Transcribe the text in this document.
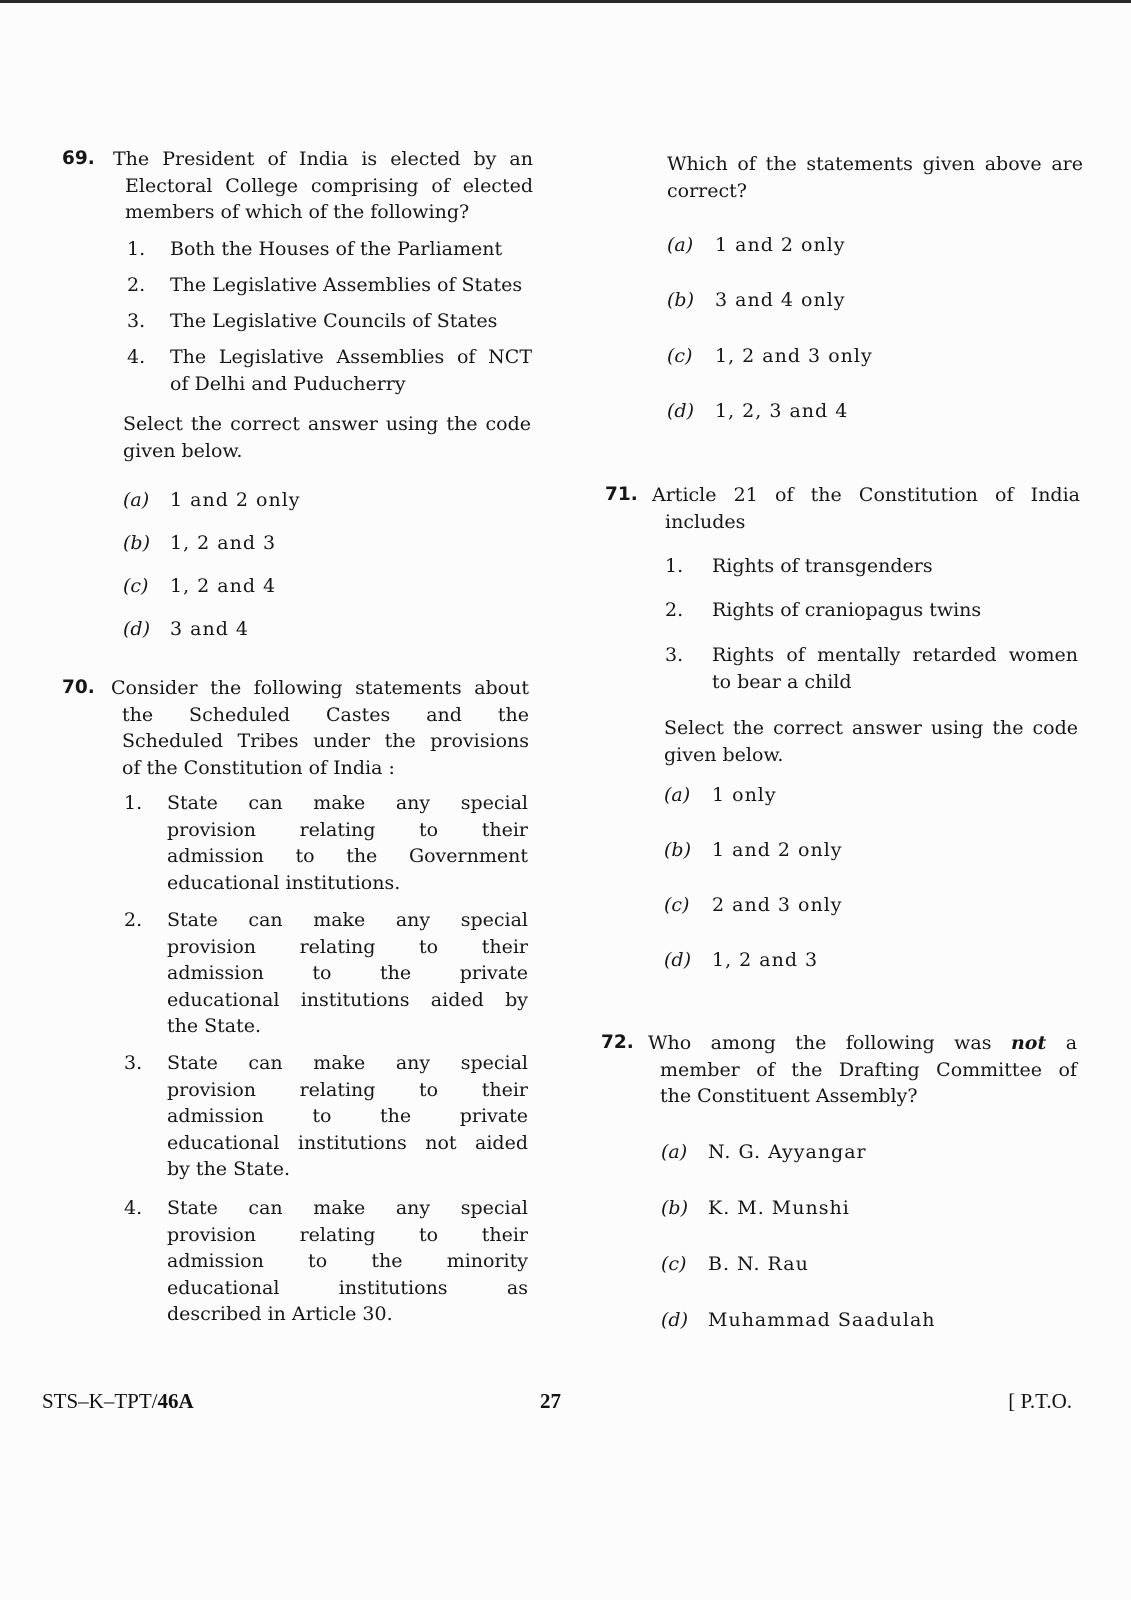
69. The President of India is elected by an
Electoral College comprising of elected
members of which of the following?
1. Both the Houses of the Parliament
2. The Legislative Assemblies of States
3. The Legislative Councils of States
4. The Legislative Assemblies of NCT
of Delhi and Puducherry
Select the correct answer using the code
given below.
(a) 1 and 2 only
(b) 1, 2 and 3
(c) 1, 2 and 4
(d) 3 and 4
70. Consider the following statements about
the Scheduled Castes and the
Scheduled Tribes under the provisions
of the Constitution of India :
1. State can make any special
provision relating to their
admission to the Government
educational institutions.
2. State can make any special
provision relating to their
admission to the private
educational institutions aided by
the State.
3. State can make any special
provision relating to their
admission to the private
educational institutions not aided
by the State.
4. State can make any special
provision relating to their
admission to the minority
educational institutions as
described in Article 30.
Which of the statements given above are
correct?
(a) 1 and 2 only
(b) 3 and 4 only
(c) 1, 2 and 3 only
(d) 1, 2, 3 and 4
71. Article 21 of the Constitution of India
includes
1. Rights of transgenders
2. Rights of craniopagus twins
3. Rights of mentally retarded women
to bear a child
Select the correct answer using the code
given below.
(a) 1 only
(b) 1 and 2 only
(c) 2 and 3 only
(d) 1, 2 and 3
72. Who among the following was not a
member of the Drafting Committee of
the Constituent Assembly?
(a) N. G. Ayyangar
(b) K. M. Munshi
(c) B. N. Rau
(d) Muhammad Saadulah
STS–K–TPT/46A	27	[ P.T.O.
